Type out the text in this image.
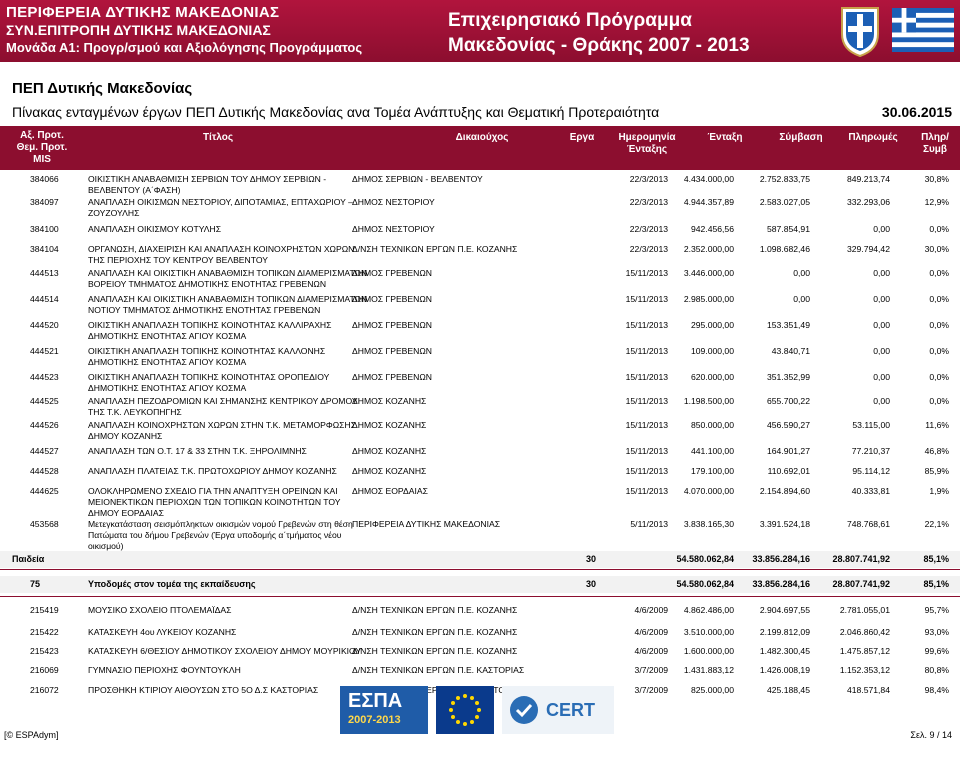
ΠΕΡΙΦΕΡΕΙΑ ΔΥΤΙΚΗΣ ΜΑΚΕΔΟΝΙΑΣ
ΣΥΝ.ΕΠΙΤΡΟΠΗ ΔΥΤΙΚΗΣ ΜΑΚΕΔΟΝΙΑΣ
Μονάδα Α1: Προγρ/σμού και Αξιολόγησης Προγράμματος
Επιχειρησιακό Πρόγραμμα
Μακεδονίας - Θράκης 2007 - 2013
ΠΕΠ Δυτικής Μακεδονίας
Πίνακας ενταγμένων έργων ΠΕΠ Δυτικής Μακεδονίας ανα Τομέα Ανάπτυξης και Θεματική Προτεραιότητα	30.06.2015
Αξ. Προτ.
Θεμ. Προτ.
MIS
Τίτλος	Δικαιούχος	Εργα	Ημερομηνία
Ένταξης
Ένταξη	Σύμβαση	Πληρωμές	Πληρ/
Συμβ
384066	ΟΙΚΙΣΤΙΚΗ ΑΝΑΒΑΘΜΙΣΗ ΣΕΡΒΙΩΝ ΤΟΥ ΔΗΜΟΥ ΣΕΡΒΙΩΝ -
ΒΕΛΒΕΝΤΟΥ (Α΄ΦΑΣΗ)
ΔΗΜΟΣ ΣΕΡΒΙΩΝ - ΒΕΛΒΕΝΤΟΥ	22/3/2013	4.434.000,00	2.752.833,75	849.213,74	30,8%
384097	ΑΝΑΠΛΑΣΗ ΟΙΚΙΣΜΩΝ ΝΕΣΤΟΡΙΟΥ, ΔΙΠΟΤΑΜΙΑΣ, ΕΠΤΑΧΩΡΙΟΥ –
ΖΟΥΖΟΥΛΗΣ
ΔΗΜΟΣ ΝΕΣΤΟΡΙΟΥ	22/3/2013	4.944.357,89	2.583.027,05	332.293,06	12,9%
384100	ΑΝΑΠΛΑΣΗ ΟΙΚΙΣΜΟΥ ΚΟΤΥΛΗΣ	ΔΗΜΟΣ ΝΕΣΤΟΡΙΟΥ	22/3/2013	942.456,56	587.854,91	0,00	0,0%
384104	ΟΡΓΑΝΩΣΗ, ΔΙΑΧΕΙΡΙΣΗ ΚΑΙ ΑΝΑΠΛΑΣΗ ΚΟΙΝΟΧΡΗΣΤΩΝ ΧΩΡΩΝ
ΤΗΣ ΠΕΡΙΟΧΗΣ ΤΟΥ ΚΕΝΤΡΟΥ ΒΕΛΒΕΝΤΟΥ
Δ/ΝΣΗ ΤΕΧΝΙΚΩΝ ΕΡΓΩΝ Π.Ε. ΚΟΖΑΝΗΣ	22/3/2013	2.352.000,00	1.098.682,46	329.794,42	30,0%
444513	ΑΝΑΠΛΑΣΗ ΚΑΙ ΟΙΚΙΣΤΙΚΗ ΑΝΑΒΑΘΜΙΣΗ ΤΟΠΙΚΩΝ ΔΙΑΜΕΡΙΣΜΑΤΩΝ
ΒΟΡΕΙΟΥ ΤΜΗΜΑΤΟΣ ΔΗΜΟΤΙΚΗΣ ΕΝΟΤΗΤΑΣ ΓΡΕΒΕΝΩΝ
ΔΗΜΟΣ ΓΡΕΒΕΝΩΝ	15/11/2013	3.446.000,00	0,00	0,00	0,0%
444514	ΑΝΑΠΛΑΣΗ ΚΑΙ ΟΙΚΙΣΤΙΚΗ ΑΝΑΒΑΘΜΙΣΗ ΤΟΠΙΚΩΝ ΔΙΑΜΕΡΙΣΜΑΤΩΝ
ΝΟΤΙΟΥ ΤΜΗΜΑΤΟΣ ΔΗΜΟΤΙΚΗΣ ΕΝΟΤΗΤΑΣ ΓΡΕΒΕΝΩΝ
ΔΗΜΟΣ ΓΡΕΒΕΝΩΝ	15/11/2013	2.985.000,00	0,00	0,00	0,0%
444520	ΟΙΚΙΣΤΙΚΗ ΑΝΑΠΛΑΣΗ ΤΟΠΙΚΗΣ ΚΟΙΝΟΤΗΤΑΣ ΚΑΛΛΙΡΑΧΗΣ
ΔΗΜΟΤΙΚΗΣ ΕΝΟΤΗΤΑΣ ΑΓΙΟΥ ΚΟΣΜΑ
ΔΗΜΟΣ ΓΡΕΒΕΝΩΝ	15/11/2013	295.000,00	153.351,49	0,00	0,0%
444521	ΟΙΚΙΣΤΙΚΗ ΑΝΑΠΛΑΣΗ ΤΟΠΙΚΗΣ ΚΟΙΝΟΤΗΤΑΣ ΚΑΛΛΟΝΗΣ
ΔΗΜΟΤΙΚΗΣ ΕΝΟΤΗΤΑΣ ΑΓΙΟΥ ΚΟΣΜΑ
ΔΗΜΟΣ ΓΡΕΒΕΝΩΝ	15/11/2013	109.000,00	43.840,71	0,00	0,0%
444523	ΟΙΚΙΣΤΙΚΗ ΑΝΑΠΛΑΣΗ ΤΟΠΙΚΗΣ ΚΟΙΝΟΤΗΤΑΣ ΟΡΟΠΕΔΙΟΥ
ΔΗΜΟΤΙΚΗΣ ΕΝΟΤΗΤΑΣ ΑΓΙΟΥ ΚΟΣΜΑ
ΔΗΜΟΣ ΓΡΕΒΕΝΩΝ	15/11/2013	620.000,00	351.352,99	0,00	0,0%
444525	ΑΝΑΠΛΑΣΗ ΠΕΖΟΔΡΟΜΙΩΝ ΚΑΙ ΣΗΜΑΝΣΗΣ ΚΕΝΤΡΙΚΟΥ ΔΡΟΜΟΥ
ΤΗΣ Τ.Κ. ΛΕΥΚΟΠΗΓΗΣ
ΔΗΜΟΣ ΚΟΖΑΝΗΣ	15/11/2013	1.198.500,00	655.700,22	0,00	0,0%
444526	ΑΝΑΠΛΑΣΗ ΚΟΙΝΟΧΡΗΣΤΩΝ ΧΩΡΩΝ ΣΤΗΝ Τ.Κ. ΜΕΤΑΜΟΡΦΩΣΗΣ
ΔΗΜΟΥ ΚΟΖΑΝΗΣ
ΔΗΜΟΣ ΚΟΖΑΝΗΣ	15/11/2013	850.000,00	456.590,27	53.115,00	11,6%
444527	ΑΝΑΠΛΑΣΗ ΤΩΝ Ο.Τ. 17 & 33 ΣΤΗΝ Τ.Κ. ΞΗΡΟΛΙΜΝΗΣ	ΔΗΜΟΣ ΚΟΖΑΝΗΣ	15/11/2013	441.100,00	164.901,27	77.210,37	46,8%
444528	ΑΝΑΠΛΑΣΗ ΠΛΑΤΕΙΑΣ Τ.Κ. ΠΡΩΤΟΧΩΡΙΟΥ ΔΗΜΟΥ ΚΟΖΑΝΗΣ	ΔΗΜΟΣ ΚΟΖΑΝΗΣ	15/11/2013	179.100,00	110.692,01	95.114,12	85,9%
444625	ΟΛΟΚΛΗΡΩΜΕΝΟ ΣΧΕΔΙΟ ΓΙΑ ΤΗΝ ΑΝΑΠΤΥΞΗ ΟΡΕΙΝΩΝ ΚΑΙ
ΜΕΙΟΝΕΚΤΙΚΩΝ ΠΕΡΙΟΧΩΝ ΤΩΝ ΤΟΠΙΚΩΝ ΚΟΙΝΟΤΗΤΩΝ ΤΟΥ
ΔΗΜΟΥ ΕΟΡΔΑΙΑΣ
ΔΗΜΟΣ ΕΟΡΔΑΙΑΣ	15/11/2013	4.070.000,00	2.154.894,60	40.333,81	1,9%
453568	Μετεγκατάσταση σεισμόπληκτων οικισμών νομού Γρεβενών στη θέση
Πατώματα του δήμου Γρεβενών (Έργα υποδομής α΄τμήματος νέου
οικισμού)
ΠΕΡΙΦΕΡΕΙΑ ΔΥΤΙΚΗΣ ΜΑΚΕΔΟΝΙΑΣ	5/11/2013	3.838.165,30	3.391.524,18	748.768,61	22,1%
Παιδεία	30	54.580.062,84	33.856.284,16	28.807.741,92	85,1%
75	Υποδομές στον τομέα της εκπαίδευσης	30	54.580.062,84	33.856.284,16	28.807.741,92	85,1%
215419	ΜΟΥΣΙΚΟ ΣΧΟΛΕΙΟ ΠΤΟΛΕΜΑΪΔΑΣ	Δ/ΝΣΗ ΤΕΧΝΙΚΩΝ ΕΡΓΩΝ Π.Ε. ΚΟΖΑΝΗΣ	4/6/2009	4.862.486,00	2.904.697,55	2.781.055,01	95,7%
215422	ΚΑΤΑΣΚΕΥΗ 4ου ΛΥΚΕΙΟΥ ΚΟΖΑΝΗΣ	Δ/ΝΣΗ ΤΕΧΝΙΚΩΝ ΕΡΓΩΝ Π.Ε. ΚΟΖΑΝΗΣ	4/6/2009	3.510.000,00	2.199.812,09	2.046.860,42	93,0%
215423	ΚΑΤΑΣΚΕΥΗ 6/ΘΕΣΙΟΥ ΔΗΜΟΤΙΚΟΥ ΣΧΟΛΕΙΟΥ ΔΗΜΟΥ ΜΟΥΡΙΚΙΟΥ
Δ/ΝΣΗ ΤΕΧΝΙΚΩΝ ΕΡΓΩΝ Π.Ε. ΚΟΖΑΝΗΣ	4/6/2009	1.600.000,00	1.482.300,45	1.475.857,12	99,6%
216069	ΓΥΜΝΑΣΙΟ ΠΕΡΙΟΧΗΣ ΦΟΥΝΤΟΥΚΛΗ	Δ/ΝΣΗ ΤΕΧΝΙΚΩΝ ΕΡΓΩΝ Π.Ε. ΚΑΣΤΟΡΙΑΣ	3/7/2009	1.431.883,12	1.426.008,19	1.152.353,12	80,8%
216072	ΠΡΟΣΘΗΚΗ ΚΤΙΡΙΟΥ ΑΙΘΟΥΣΩΝ ΣΤΟ 5Ο Δ.Σ ΚΑΣΤΟΡΙΑΣ	ΚΑΣΤΟΡΙΑΣ	3/7/2009	825.000,00	425.188,45	418.571,84	98,4%
ΕΣΠΑ
2007-2013	CERT
[© ESPAdym]	Σελ. 9 / 14
